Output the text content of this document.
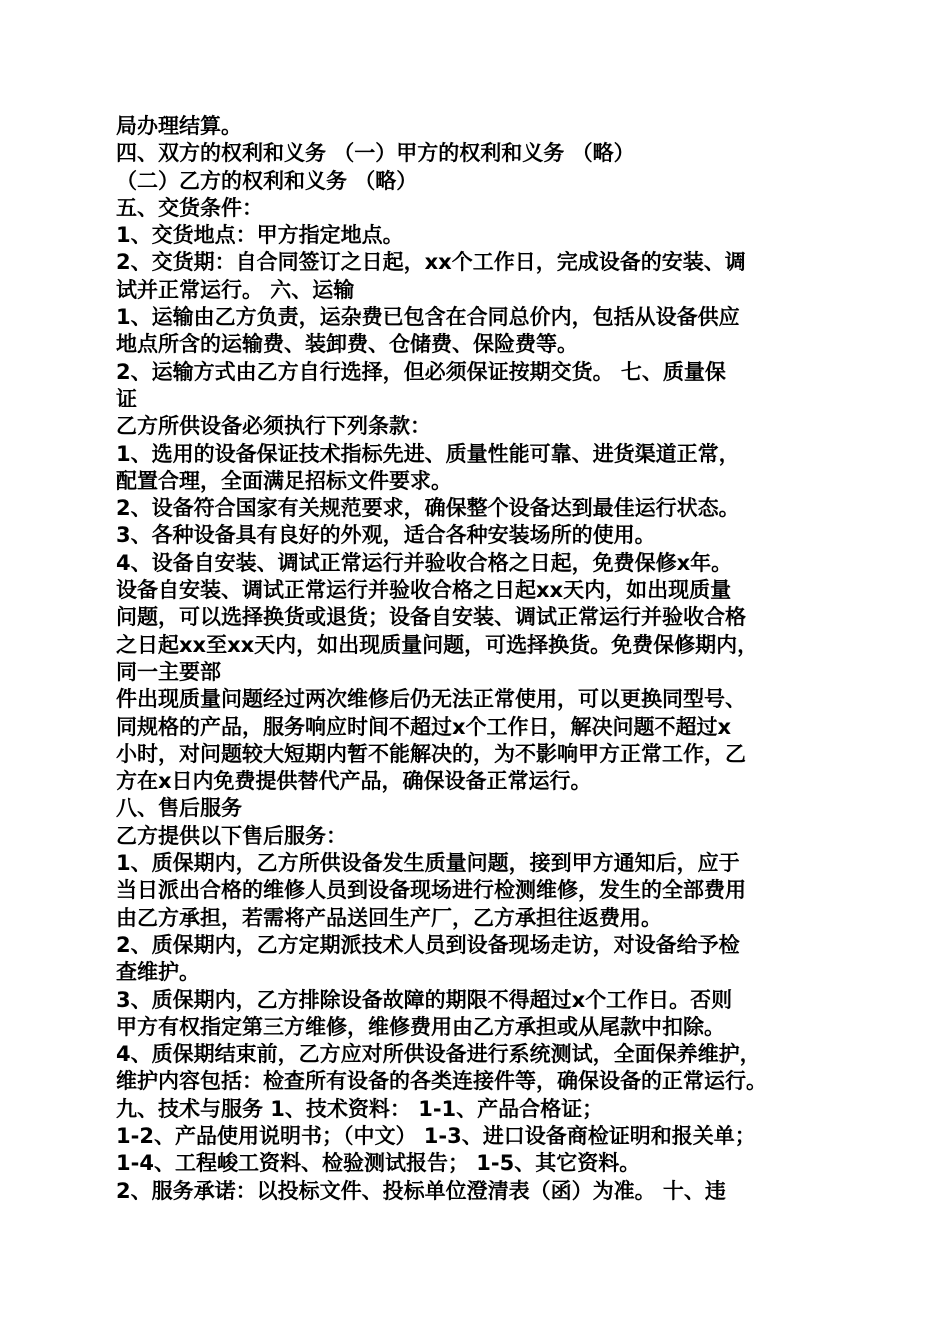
局办理结算。
四、双方的权利和义务 （一）甲方的权利和义务 （略）
（二）乙方的权利和义务 （略）
五、交货条件：
1、交货地点：甲方指定地点。
2、交货期：自合同签订之日起，xx个工作日，完成设备的安装、调
试并正常运行。 六、运输
1、运输由乙方负责，运杂费已包含在合同总价内，包括从设备供应
地点所含的运输费、装卸费、仓储费、保险费等。
2、运输方式由乙方自行选择，但必须保证按期交货。 七、质量保
证
乙方所供设备必须执行下列条款：
1、选用的设备保证技术指标先进、质量性能可靠、进货渠道正常，
配置合理，全面满足招标文件要求。
2、设备符合国家有关规范要求，确保整个设备达到最佳运行状态。
3、各种设备具有良好的外观，适合各种安装场所的使用。
4、设备自安装、调试正常运行并验收合格之日起，免费保修x年。
设备自安装、调试正常运行并验收合格之日起xx天内，如出现质量
问题，可以选择换货或退货；设备自安装、调试正常运行并验收合格
之日起xx至xx天内，如出现质量问题，可选择换货。免费保修期内，
同一主要部
件出现质量问题经过两次维修后仍无法正常使用，可以更换同型号、
同规格的产品，服务响应时间不超过x个工作日，解决问题不超过x
小时，对问题较大短期内暂不能解决的，为不影响甲方正常工作，乙
方在x日内免费提供替代产品，确保设备正常运行。
八、售后服务
乙方提供以下售后服务：
1、质保期内，乙方所供设备发生质量问题，接到甲方通知后，应于
当日派出合格的维修人员到设备现场进行检测维修，发生的全部费用
由乙方承担，若需将产品送回生产厂，乙方承担往返费用。
2、质保期内，乙方定期派技术人员到设备现场走访，对设备给予检
查维护。
3、质保期内，乙方排除设备故障的期限不得超过x个工作日。否则
甲方有权指定第三方维修，维修费用由乙方承担或从尾款中扣除。
4、质保期结束前，乙方应对所供设备进行系统测试，全面保养维护，
维护内容包括：检查所有设备的各类连接件等，确保设备的正常运行。
九、技术与服务 1、技术资料： 1-1、产品合格证；
1-2、产品使用说明书；（中文） 1-3、进口设备商检证明和报关单；
1-4、工程峻工资料、检验测试报告； 1-5、其它资料。
2、服务承诺：以投标文件、投标单位澄清表（函）为准。 十、违
